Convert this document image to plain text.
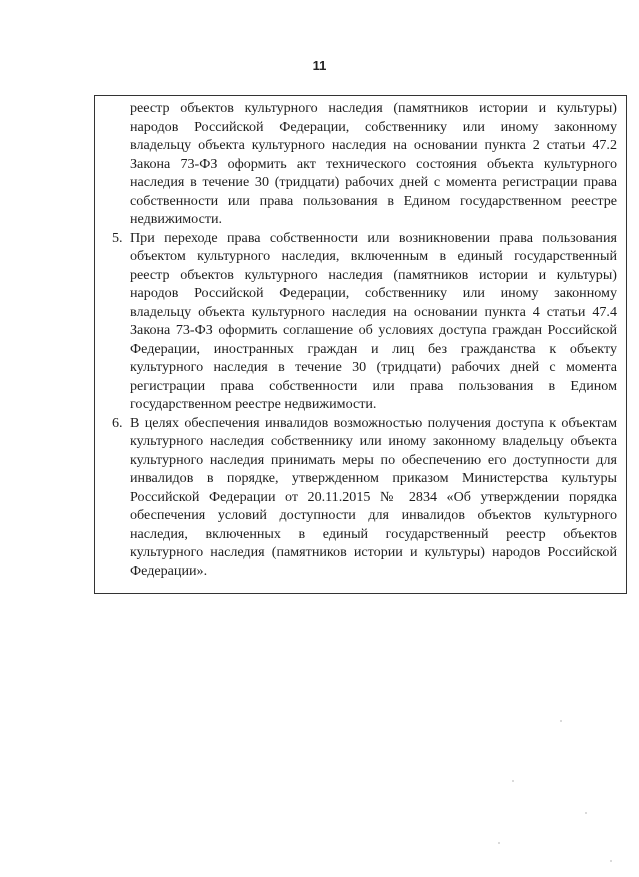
11
реестр объектов культурного наследия (памятников истории и культуры)
народов Российской Федерации, собственнику или иному законному
владельцу объекта культурного наследия на основании пункта 2 статьи 47.2
Закона 73-ФЗ оформить акт технического состояния объекта культурного
наследия в течение 30 (тридцати) рабочих дней с момента регистрации права
собственности или права пользования в Едином государственном реестре
недвижимости.
5. При переходе права собственности или возникновении права пользования
объектом культурного наследия, включенным в единый государственный
реестр объектов культурного наследия (памятников истории и культуры)
народов Российской Федерации, собственнику или иному законному
владельцу объекта культурного наследия на основании пункта 4 статьи 47.4
Закона 73-ФЗ оформить соглашение об условиях доступа граждан Российской
Федерации, иностранных граждан и лиц без гражданства к объекту
культурного наследия в течение 30 (тридцати) рабочих дней с момента
регистрации права собственности или права пользования в Едином
государственном реестре недвижимости.
6. В целях обеспечения инвалидов возможностью получения доступа к объектам
культурного наследия собственнику или иному законному владельцу объекта
культурного наследия принимать меры по обеспечению его доступности для
инвалидов в порядке, утвержденном приказом Министерства культуры
Российской Федерации от 20.11.2015 № 2834 «Об утверждении порядка
обеспечения условий доступности для инвалидов объектов культурного
наследия, включенных в единый государственный реестр объектов
культурного наследия (памятников истории и культуры) народов Российской
Федерации».
